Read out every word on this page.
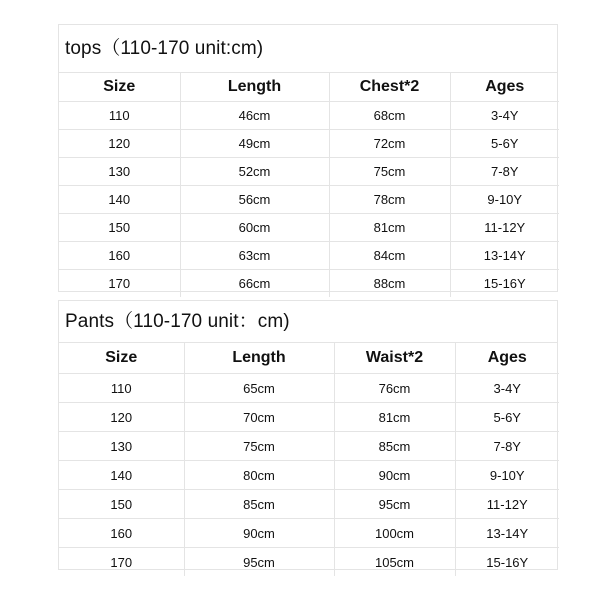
tops（110-170 unit:cm)
Size	Length	Chest*2	Ages
110	46cm	68cm	3-4Y
120	49cm	72cm	5-6Y
130	52cm	75cm	7-8Y
140	56cm	78cm	9-10Y
150	60cm	81cm	11-12Y
160	63cm	84cm	13-14Y
170	66cm	88cm	15-16Y
Pants（110-170 unit：cm)
Size	Length	Waist*2	Ages
110	65cm	76cm	3-4Y
120	70cm	81cm	5-6Y
130	75cm	85cm	7-8Y
140	80cm	90cm	9-10Y
150	85cm	95cm	11-12Y
160	90cm	100cm	13-14Y
170	95cm	105cm	15-16Y
